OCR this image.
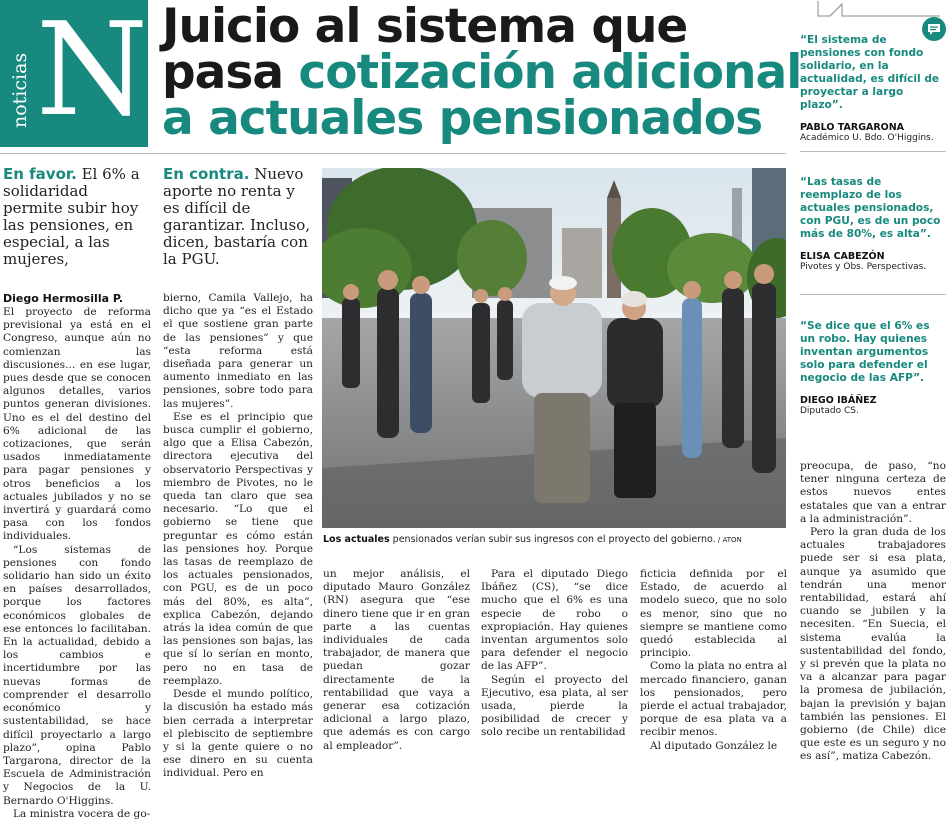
noticias N Juicio al sistema que
pasa cotización adicional
a actuales pensionados
En favor. El 6% a solidaridad permite subir hoy las pensiones, en especial, a las mujeres,
En contra. Nuevo aporte no renta y es difícil de garantizar. Incluso, dicen, bastaría con la PGU.
Los actuales pensionados verían subir sus ingresos con el proyecto del gobierno. / ATON
Diego Hermosilla P.

El proyecto de reforma previsional ya está en el Congreso, aunque aún no comienzan las discusiones... en ese lugar, pues desde que se conocen algunos detalles, varios puntos generan divisiones. Uno es el del destino del 6% adicional de las cotizaciones, que serán usados inmediatamente para pagar pensiones y otros beneficios a los actuales jubilados y no se invertirá y guardará como pasa con los fondos individuales.

“Los sistemas de pensiones con fondo solidario han sido un éxito en países desarrollados, porque los factores económicos globales de ese entonces lo facilitaban. En la actualidad, debido a los cambios e incertidumbre por las nuevas formas de comprender el desarrollo económico y sustentabilidad, se hace difícil proyectarlo a largo plazo”, opina Pablo Targarona, director de la Escuela de Administración y Negocios de la U. Bernardo O'Higgins.

La ministra vocera de go-

bierno, Camila Vallejo, ha dicho que ya “es el Estado el que sostiene gran parte de las pensiones” y que “esta reforma está diseñada para generar un aumento inmediato en las pensiones, sobre todo para las mujeres”.

Ese es el principio que busca cumplir el gobierno, algo que a Elisa Cabezón, directora ejecutiva del observatorio Perspectivas y miembro de Pivotes, no le queda tan claro que sea necesario. “Lo que el gobierno se tiene que preguntar es cómo están las pensiones hoy. Porque las tasas de reemplazo de los actuales pensionados, con PGU, es de un poco más del 80%, es alta”, explica Cabezón, dejando atrás la idea común de que las pensiones son bajas, las que sí lo serían en monto, pero no en tasa de reemplazo.

Desde el mundo político, la discusión ha estado más bien cerrada a interpretar el plebiscito de septiembre y si la gente quiere o no ese dinero en su cuenta individual. Pero en

un mejor análisis, el diputado Mauro González (RN) asegura que “ese dinero tiene que ir en gran parte a las cuentas individuales de cada trabajador, de manera que puedan gozar directamente de la rentabilidad que vaya a generar esa cotización adicional a largo plazo, que además es con cargo al empleador”.

Para el diputado Diego Ibáñez (CS), “se dice mucho que el 6% es una especie de robo o expropiación. Hay quienes inventan argumentos solo para defender el negocio de las AFP”.

Según el proyecto del Ejecutivo, esa plata, al ser usada, pierde la posibilidad de crecer y solo recibe un rentabilidad

ficticia definida por el Estado, de acuerdo al modelo sueco, que no solo es menor, sino que no siempre se mantiene como quedó establecida al principio.

Como la plata no entra al mercado financiero, ganan los pensionados, pero pierde el actual trabajador, porque de esa plata va a recibir menos.

Al diputado González le

preocupa, de paso, “no tener ninguna certeza de estos nuevos entes estatales que van a entrar a la administración”.

Pero la gran duda de los actuales trabajadores puede ser si esa plata, aunque ya asumido que tendrán una menor rentabilidad, estará ahí cuando se jubilen y la necesiten. “En Suecia, el sistema evalúa la sustentabilidad del fondo, y si prevén que la plata no va a alcanzar para pagar la promesa de jubilación, bajan la previsión y bajan también las pensiones. El gobierno (de Chile) dice que este es un seguro y no es así”, matiza Cabezón.

“El sistema de pensiones con fondo solidario, en la actualidad, es difícil de proyectar a largo plazo”.
PABLO TARGARONA
Académico U. Bdo. O'Higgins.
“Las tasas de reemplazo de los actuales pensionados, con PGU, es de un poco más de 80%, es alta”.
ELISA CABEZÓN
Pivotes y Obs. Perspectivas.
“Se dice que el 6% es un robo. Hay quienes inventan argumentos solo para defender el negocio de las AFP”.
DIEGO IBÁÑEZ
Diputado CS.
